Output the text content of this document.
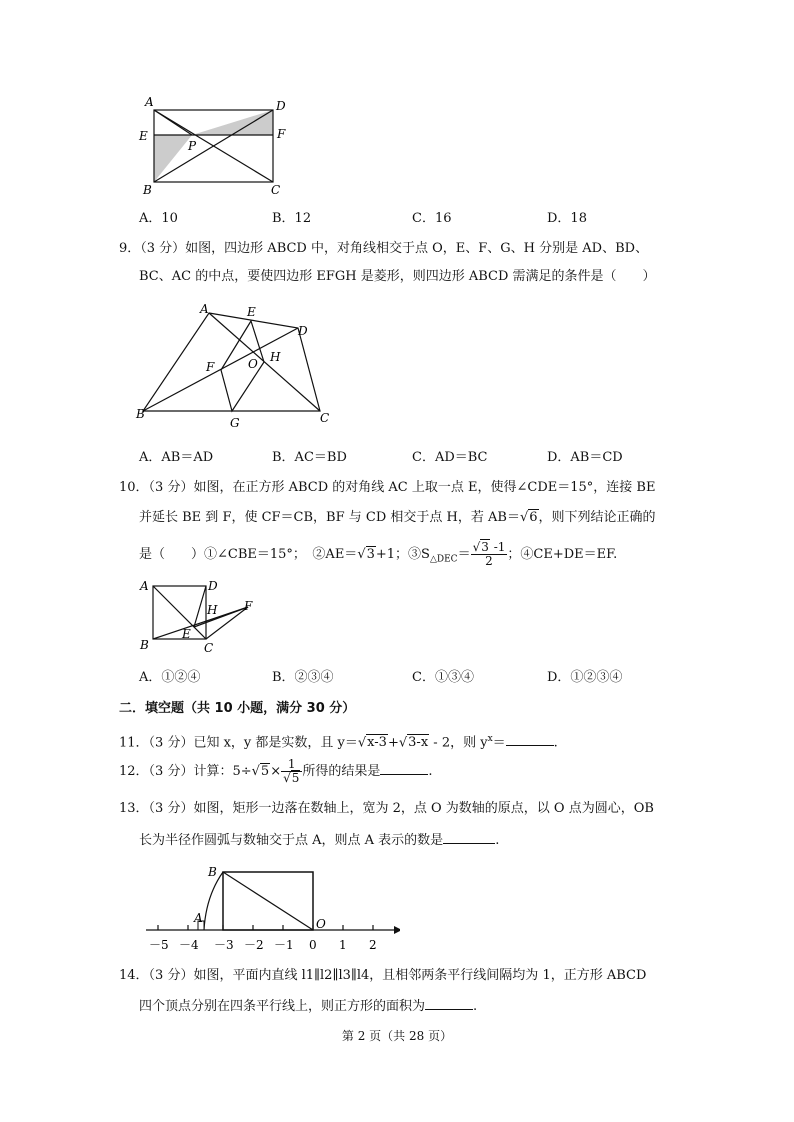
A	D
E	F
P
B	C
A．10	B．12	C．16	D．18
9．（3 分）如图，四边形 ABCD 中，对角线相交于点 O，E、F、G、H 分别是 AD、BD、
BC、AC 的中点，要使四边形 EFGH 是菱形，则四边形 ABCD 需满足的条件是（　　）
A	E
D
F	O H
B
G	C
A．AB＝AD	B．AC＝BD	C．AD＝BC	D．AB＝CD
10．（3 分）如图，在正方形 ABCD 的对角线 AC 上取一点 E，使得∠CDE＝15°，连接 BE
并延长 BE 到 F，使 CF＝CB，BF 与 CD 相交于点 H，若 AB＝√6，则下列结论正确的
是（　　）①∠CBE＝15°；　②AE＝√3+1；$③S_{\triangle DEC}= \frac{√3 -1}{2}$ ；④CE+DE＝EF.
A	D
H F
E
B	C
A．①②④	B．②③④	C．①③④	D．①②③④
二．填空题（共 10 小题，满分 30 分）
11．（3 分）已知 x，y 都是实数，且 y＝√x-3+√3-x - 2，则 $y^x=$	.
12．（3 分）计算：$5\div√5\times \frac{1}{√5}$ 所得的结果是	.
13．（3 分）如图，矩形一边落在数轴上，宽为 2，点 O 为数轴的原点，以 O 点为圆心，OB
长为半径作圆弧与数轴交于点 A，则点 A 表示的数是	.
B
A	O
－5 －4 －3 －2 －1 0 1 2
14．（3 分）如图，平面内直线 l1∥l2∥l3∥l4，且相邻两条平行线间隔均为 1，正方形 ABCD
四个顶点分别在四条平行线上，则正方形的面积为	.
第 2 页（共 28 页）
